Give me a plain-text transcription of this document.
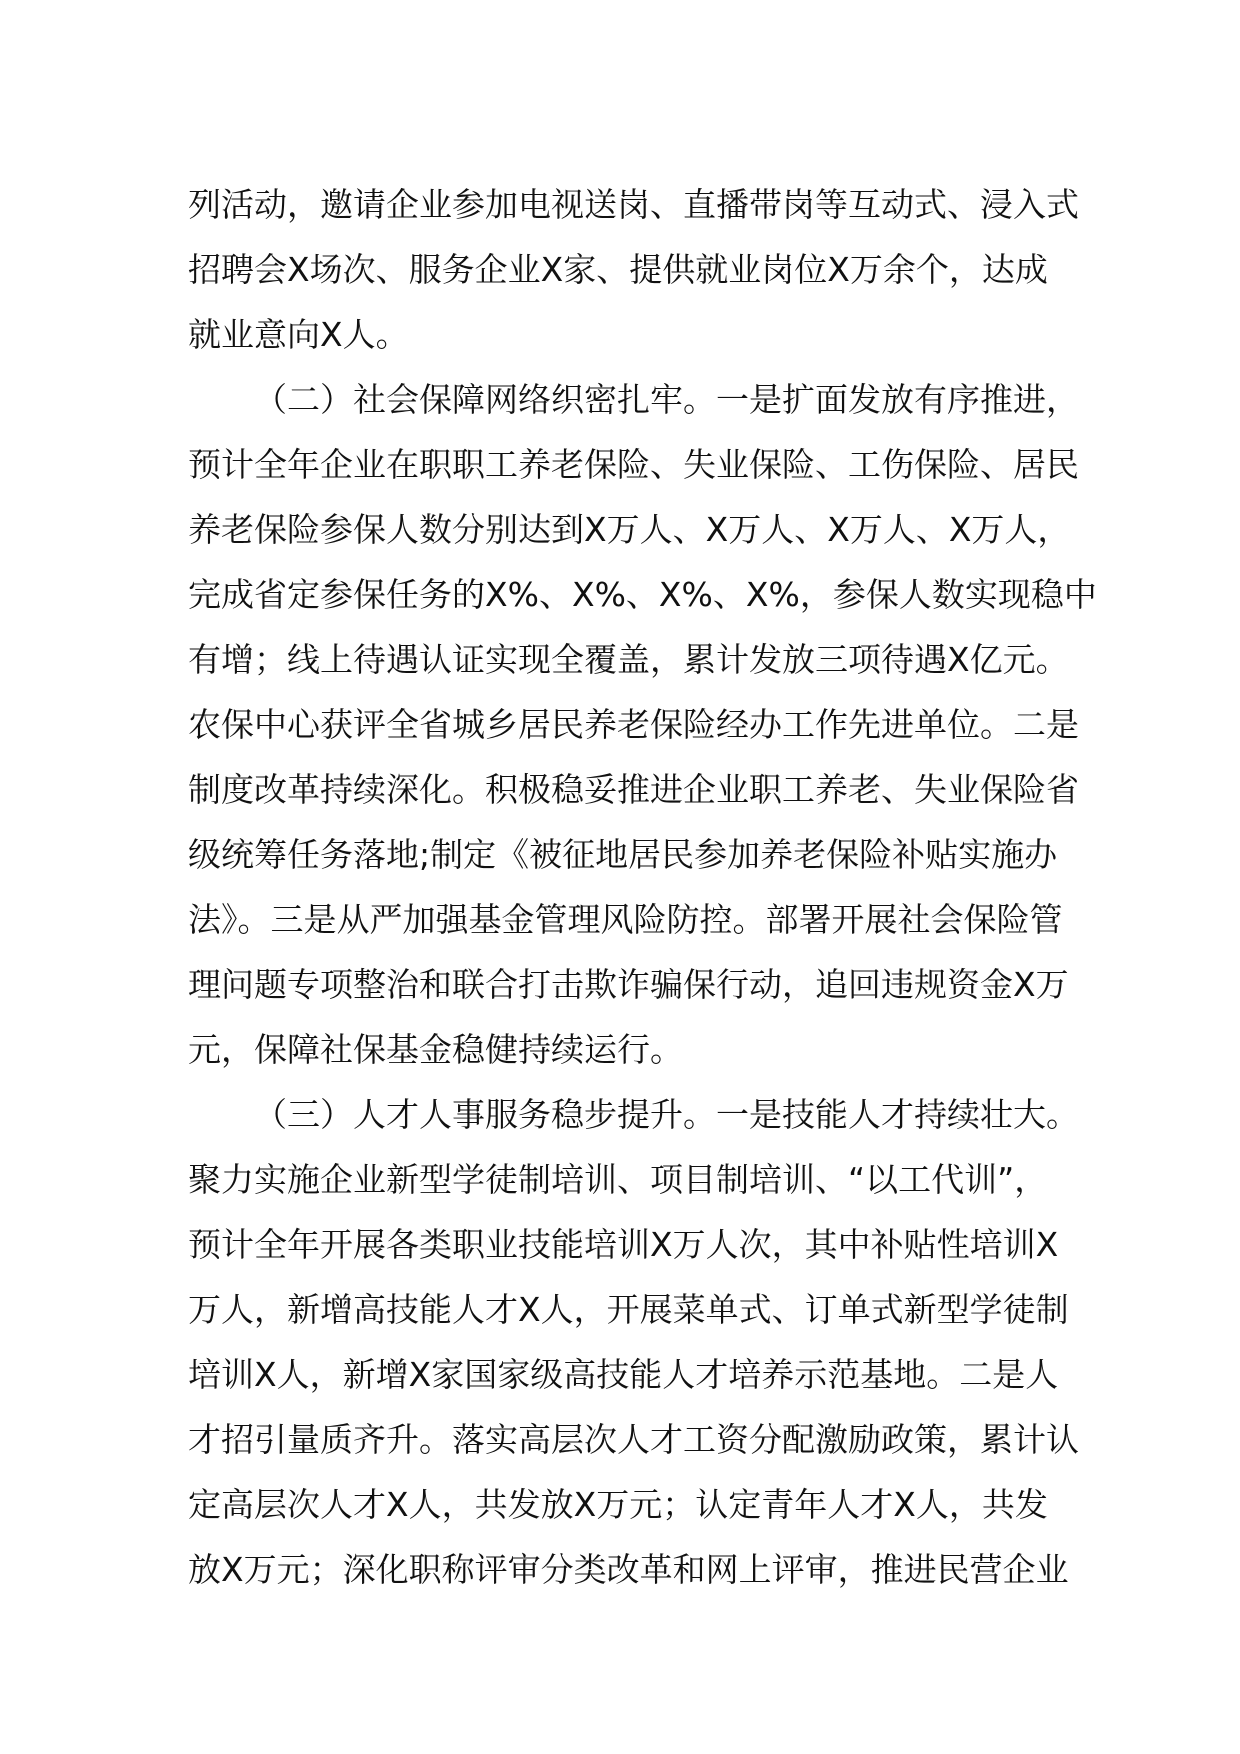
列活动，邀请企业参加电视送岗、直播带岗等互动式、浸入式
招聘会X场次、服务企业X家、提供就业岗位X万余个，达成
就业意向X人。
（二）社会保障网络织密扎牢。一是扩面发放有序推进，
预计全年企业在职职工养老保险、失业保险、工伤保险、居民
养老保险参保人数分别达到X万人、X万人、X万人、X万人，
完成省定参保任务的X%、X%、X%、X%，参保人数实现稳中
有增；线上待遇认证实现全覆盖，累计发放三项待遇X亿元。
农保中心获评全省城乡居民养老保险经办工作先进单位。二是
制度改革持续深化。积极稳妥推进企业职工养老、失业保险省
级统筹任务落地;制定《被征地居民参加养老保险补贴实施办
法》。三是从严加强基金管理风险防控。部署开展社会保险管
理问题专项整治和联合打击欺诈骗保行动，追回违规资金X万
元，保障社保基金稳健持续运行。
（三）人才人事服务稳步提升。一是技能人才持续壮大。
聚力实施企业新型学徒制培训、项目制培训、“以工代训”，
预计全年开展各类职业技能培训X万人次，其中补贴性培训X
万人，新增高技能人才X人，开展菜单式、订单式新型学徒制
培训X人，新增X家国家级高技能人才培养示范基地。二是人
才招引量质齐升。落实高层次人才工资分配激励政策，累计认
定高层次人才X人，共发放X万元；认定青年人才X人，共发
放X万元；深化职称评审分类改革和网上评审，推进民营企业
